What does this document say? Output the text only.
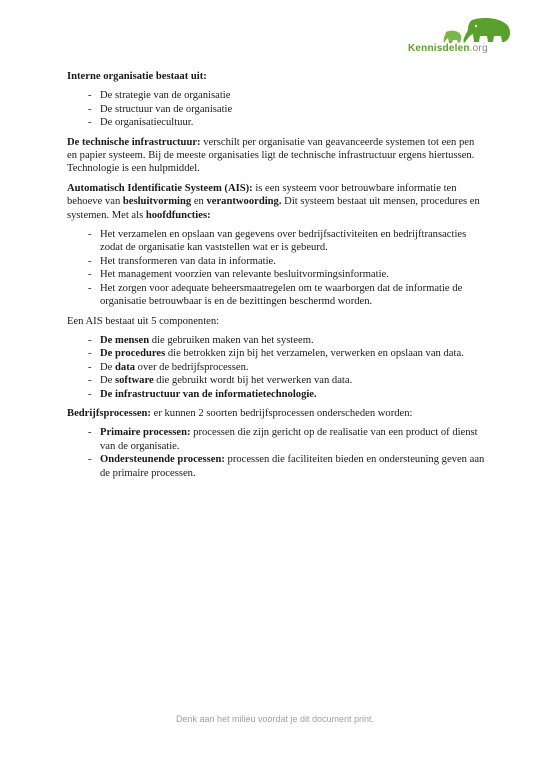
Kennisdelen.org

Interne organisatie bestaat uit:

- De strategie van de organisatie
- De structuur van de organisatie
- De organisatiecultuur.

De technische infrastructuur: verschilt per organisatie van geavanceerde systemen tot een pen en papier systeem. Bij de meeste organisaties ligt de technische infrastructuur ergens hiertussen. Technologie is een hulpmiddel.

Automatisch Identificatie Systeem (AIS): is een systeem voor betrouwbare informatie ten behoeve van besluitvorming en verantwoording. Dit systeem bestaat uit mensen, procedures en systemen. Met als hoofdfuncties:

- Het verzamelen en opslaan van gegevens over bedrijfsactiviteiten en bedrijftransacties zodat de organisatie kan vaststellen wat er is gebeurd.
- Het transformeren van data in informatie.
- Het management voorzien van relevante besluitvormingsinformatie.
- Het zorgen voor adequate beheersmaatregelen om te waarborgen dat de informatie de organisatie betrouwbaar is en de bezittingen beschermd worden.

Een AIS bestaat uit 5 componenten:

- De mensen die gebruiken maken van het systeem.
- De procedures die betrokken zijn bij het verzamelen, verwerken en opslaan van data.
- De data over de bedrijfsprocessen.
- De software die gebruikt wordt bij het verwerken van data.
- De infrastructuur van de informatietechnologie.

Bedrijfsprocessen: er kunnen 2 soorten bedrijfsprocessen onderscheden worden:

- Primaire processen: processen die zijn gericht op de realisatie van een product of dienst van de organisatie.
- Ondersteunende processen: processen die faciliteiten bieden en ondersteuning geven aan de primaire processen.
Denk aan het milieu voordat je dit document print.
